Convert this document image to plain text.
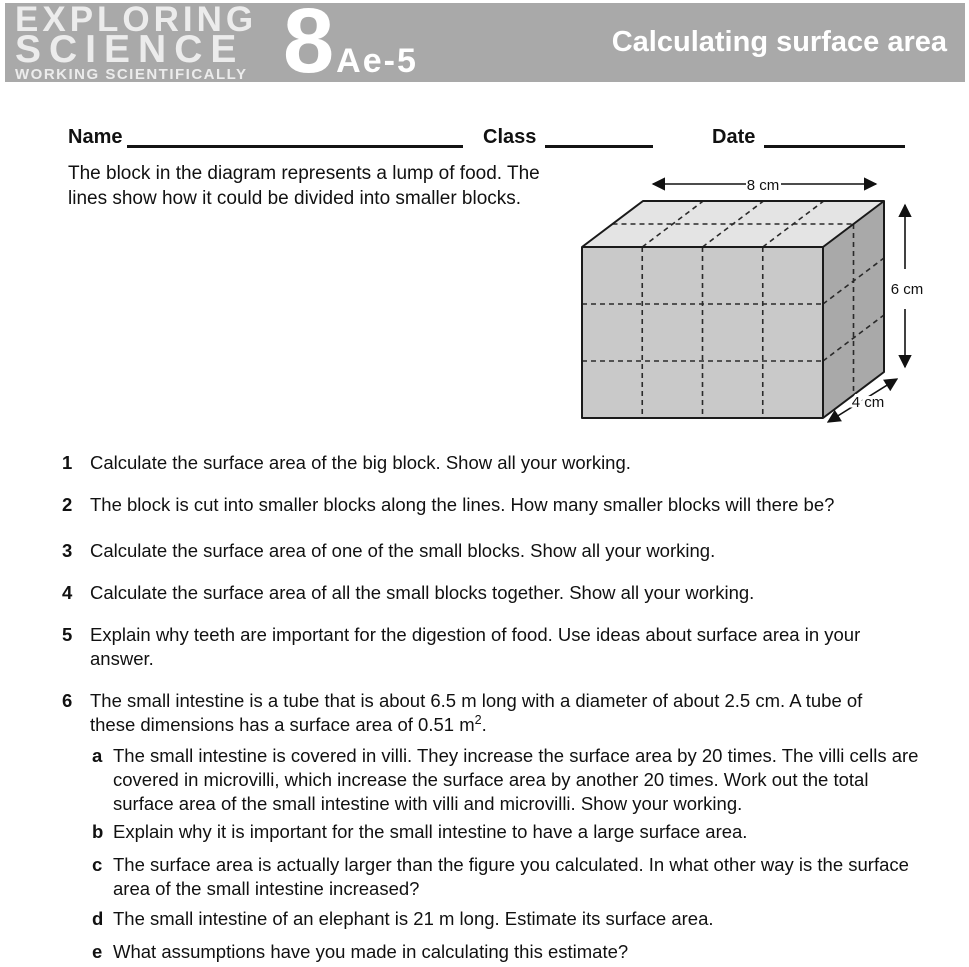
EXPLORING
SCIENCE
WORKING SCIENTIFICALLY 8Ae-5	Calculating surface area
Name	Class	Date
The block in the diagram represents a lump of food. The lines show how it could be divided into smaller blocks.
8 cm
6 cm
4 cm
1 Calculate the surface area of the big block. Show all your working.
2 The block is cut into smaller blocks along the lines. How many smaller blocks will there be?
3 Calculate the surface area of one of the small blocks. Show all your working.
4 Calculate the surface area of all the small blocks together. Show all your working.
5 Explain why teeth are important for the digestion of food. Use ideas about surface area in your answer.
6 The small intestine is a tube that is about 6.5 m long with a diameter of about 2.5 cm. A tube of these dimensions has a surface area of 0.51 $m^2$.
a The small intestine is covered in villi. They increase the surface area by 20 times. The villi cells are covered in microvilli, which increase the surface area by another 20 times. Work out the total surface area of the small intestine with villi and microvilli. Show your working.
b Explain why it is important for the small intestine to have a large surface area.
c The surface area is actually larger than the figure you calculated. In what other way is the surface area of the small intestine increased?
d The small intestine of an elephant is 21 m long. Estimate its surface area.
e What assumptions have you made in calculating this estimate?
